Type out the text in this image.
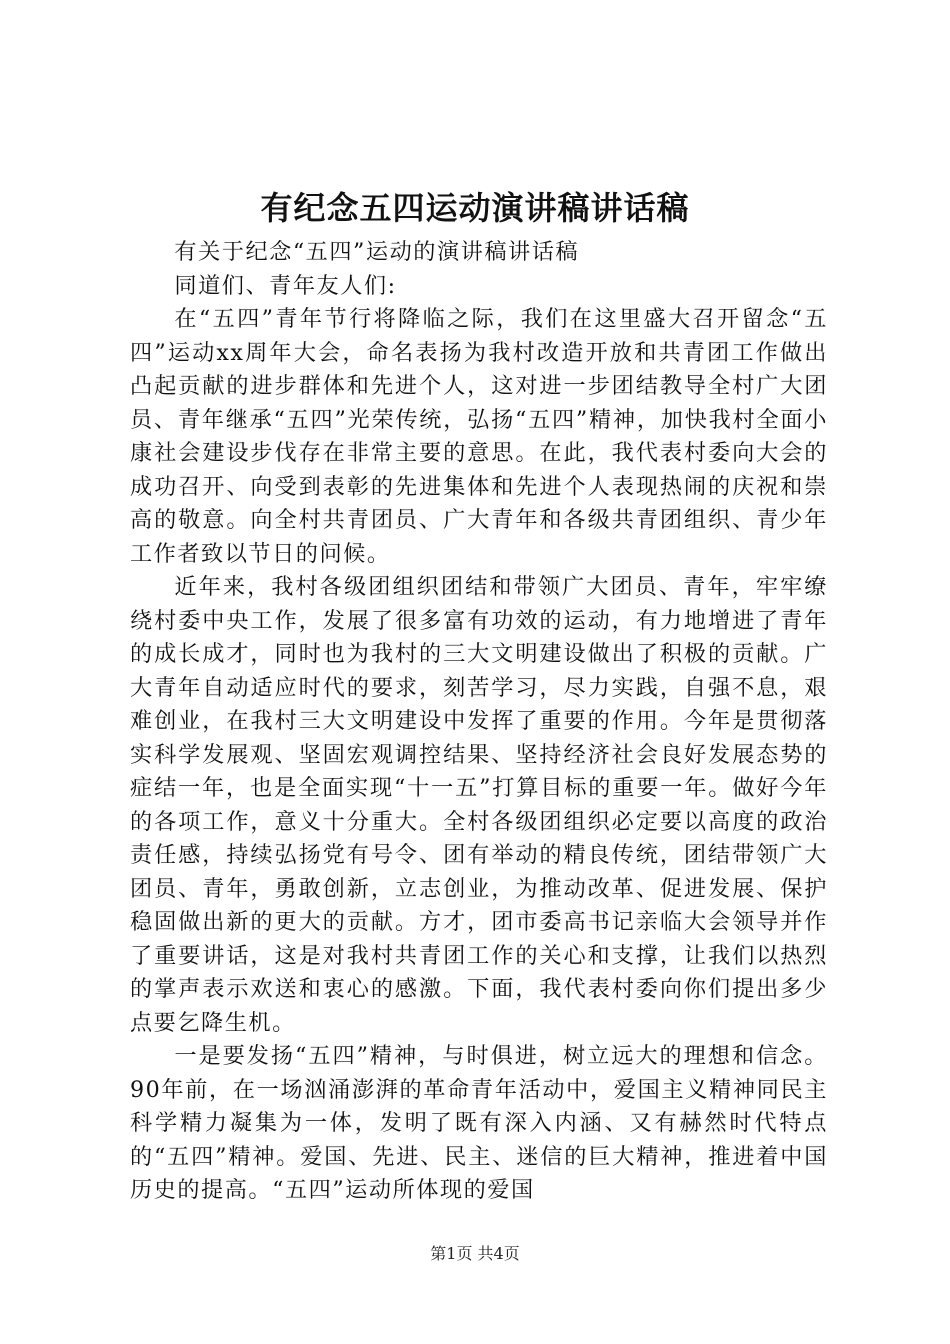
有纪念五四运动演讲稿讲话稿

有关于纪念“五四”运动的演讲稿讲话稿

同道们、青年友人们:

在“五四”青年节行将降临之际，我们在这里盛大召开留念“五四”运动xx周年大会，命名表扬为我村改造开放和共青团工作做出凸起贡献的进步群体和先进个人，这对进一步团结教导全村广大团员、青年继承“五四”光荣传统，弘扬“五四”精神，加快我村全面小康社会建设步伐存在非常主要的意思。在此，我代表村委向大会的成功召开、向受到表彰的先进集体和先进个人表现热闹的庆祝和崇高的敬意。向全村共青团员、广大青年和各级共青团组织、青少年工作者致以节日的问候。

近年来，我村各级团组织团结和带领广大团员、青年，牢牢缭绕村委中央工作，发展了很多富有功效的运动，有力地增进了青年的成长成才，同时也为我村的三大文明建设做出了积极的贡献。广大青年自动适应时代的要求，刻苦学习，尽力实践，自强不息，艰难创业，在我村三大文明建设中发挥了重要的作用。今年是贯彻落实科学发展观、坚固宏观调控结果、坚持经济社会良好发展态势的症结一年，也是全面实现“十一五”打算目标的重要一年。做好今年的各项工作，意义十分重大。全村各级团组织必定要以高度的政治责任感，持续弘扬党有号令、团有举动的精良传统，团结带领广大团员、青年，勇敢创新，立志创业，为推动改革、促进发展、保护稳固做出新的更大的贡献。方才，团市委高书记亲临大会领导并作了重要讲话，这是对我村共青团工作的关心和支撑，让我们以热烈的掌声表示欢送和衷心的感激。下面，我代表村委向你们提出多少点要乞降生机。

一是要发扬“五四”精神，与时俱进，树立远大的理想和信念。90年前，在一场汹涌澎湃的革命青年活动中，爱国主义精神同民主科学精力凝集为一体，发明了既有深入内涵、又有赫然时代特点的“五四”精神。爱国、先进、民主、迷信的巨大精神，推进着中国历史的提高。“五四”运动所体现的爱国

第1页 共4页
